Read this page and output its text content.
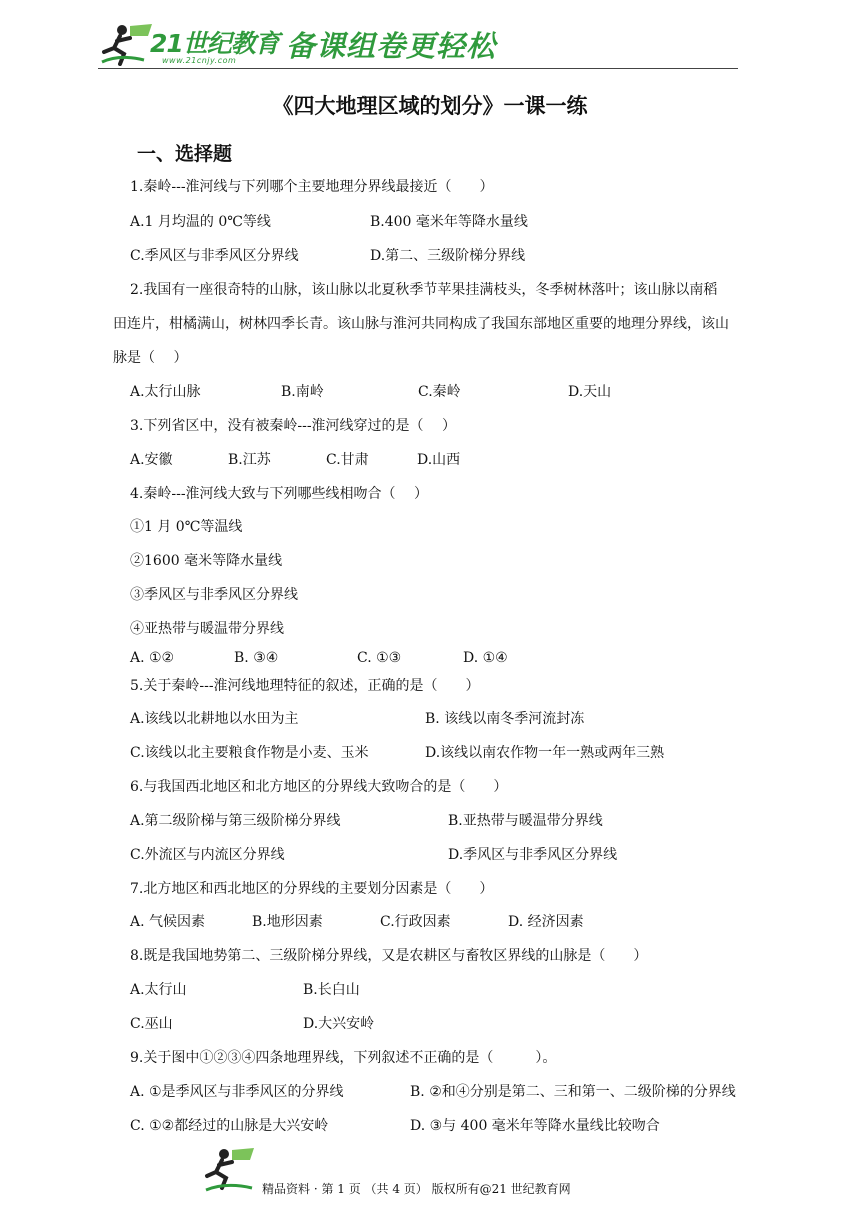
21世纪教育
www.21cnjy.com 备课组卷更轻松
《四大地理区域的划分》一课一练
一、选择题
1.秦岭---淮河线与下列哪个主要地理分界线最接近（　　）
A.1 月均温的 0℃等线	B.400 毫米年等降水量线
C.季风区与非季风区分界线	D.第二、三级阶梯分界线
2.我国有一座很奇特的山脉，该山脉以北夏秋季节苹果挂满枝头，冬季树林落叶；该山脉以南稻
田连片，柑橘满山，树林四季长青。该山脉与淮河共同构成了我国东部地区重要的地理分界线，该山
脉是（　 ）
A.太行山脉	B.南岭	C.秦岭	D.天山
3.下列省区中，没有被秦岭---淮河线穿过的是（　 ）
A.安徽	B.江苏	C.甘肃	D.山西
4.秦岭---淮河线大致与下列哪些线相吻合（　 ）
①1 月 0℃等温线
②1600 毫米等降水量线
③季风区与非季风区分界线
④亚热带与暖温带分界线
A. ①②	B. ③④	C. ①③	D. ①④
5.关于秦岭---淮河线地理特征的叙述，正确的是（　　）
A.该线以北耕地以水田为主	B. 该线以南冬季河流封冻
C.该线以北主要粮食作物是小麦、玉米	D.该线以南农作物一年一熟或两年三熟
6.与我国西北地区和北方地区的分界线大致吻合的是（　　）
A.第二级阶梯与第三级阶梯分界线	B.亚热带与暖温带分界线
C.外流区与内流区分界线	D.季风区与非季风区分界线
7.北方地区和西北地区的分界线的主要划分因素是（　　）
A. 气候因素	B.地形因素	C.行政因素	D. 经济因素
8.既是我国地势第二、三级阶梯分界线，又是农耕区与畜牧区界线的山脉是（　　）
A.太行山	B.长白山
C.巫山	D.大兴安岭
9.关于图中①②③④四条地理界线，下列叙述不正确的是（　　　）。
A. ①是季风区与非季风区的分界线	B. ②和④分别是第二、三和第一、二级阶梯的分界线
C. ①②都经过的山脉是大兴安岭	D. ③与 400 毫米年等降水量线比较吻合
精品资料 · 第 1 页 （共 4 页） 版权所有@21 世纪教育网
